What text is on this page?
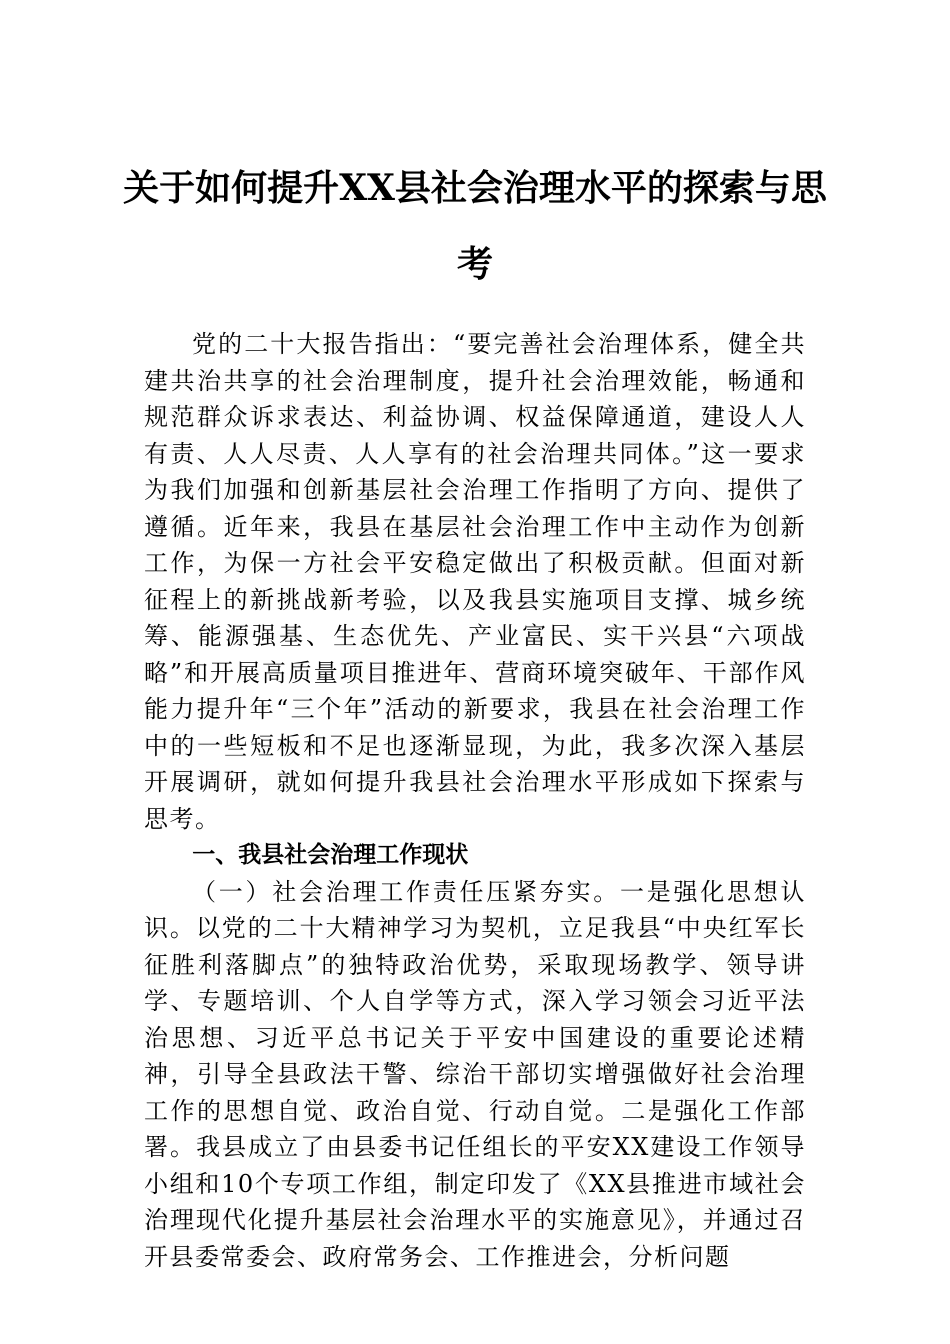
关于如何提升XX县社会治理水平的探索与思考

党的二十大报告指出：“要完善社会治理体系，健全共建共治共享的社会治理制度，提升社会治理效能，畅通和规范群众诉求表达、利益协调、权益保障通道，建设人人有责、人人尽责、人人享有的社会治理共同体。”这一要求为我们加强和创新基层社会治理工作指明了方向、提供了遵循。近年来，我县在基层社会治理工作中主动作为创新工作，为保一方社会平安稳定做出了积极贡献。但面对新征程上的新挑战新考验，以及我县实施项目支撑、城乡统筹、能源强基、生态优先、产业富民、实干兴县“六项战略”和开展高质量项目推进年、营商环境突破年、干部作风能力提升年“三个年”活动的新要求，我县在社会治理工作中的一些短板和不足也逐渐显现，为此，我多次深入基层开展调研，就如何提升我县社会治理水平形成如下探索与思考。

一、我县社会治理工作现状

（一）社会治理工作责任压紧夯实。一是强化思想认识。以党的二十大精神学习为契机，立足我县“中央红军长征胜利落脚点”的独特政治优势，采取现场教学、领导讲学、专题培训、个人自学等方式，深入学习领会习近平法治思想、习近平总书记关于平安中国建设的重要论述精神，引导全县政法干警、综治干部切实增强做好社会治理工作的思想自觉、政治自觉、行动自觉。二是强化工作部署。我县成立了由县委书记任组长的平安XX建设工作领导小组和10个专项工作组，制定印发了《XX县推进市域社会治理现代化提升基层社会治理水平的实施意见》，并通过召开县委常委会、政府常务会、工作推进会，分析问题
